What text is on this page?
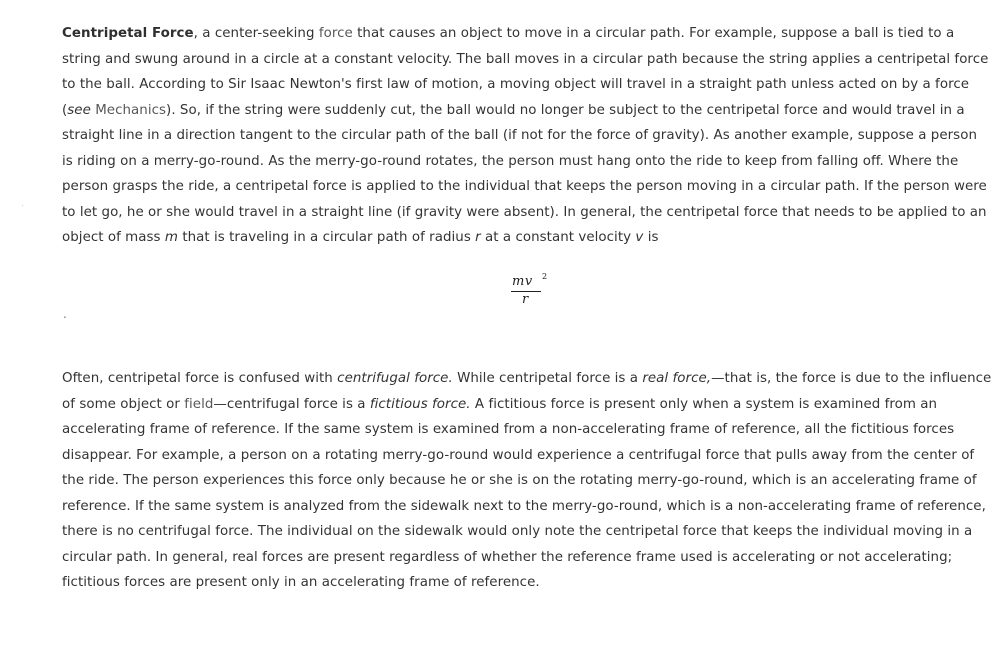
Centripetal Force, a center-seeking force that causes an object to move in a circular path. For example, suppose a ball is tied to a string and swung around in a circle at a constant velocity. The ball moves in a circular path because the string applies a centripetal force to the ball. According to Sir Isaac Newton's first law of motion, a moving object will travel in a straight path unless acted on by a force (see Mechanics). So, if the string were suddenly cut, the ball would no longer be subject to the centripetal force and would travel in a straight line in a direction tangent to the circular path of the ball (if not for the force of gravity). As another example, suppose a person is riding on a merry-go-round. As the merry-go-round rotates, the person must hang onto the ride to keep from falling off. Where the person grasps the ride, a centripetal force is applied to the individual that keeps the person moving in a circular path. If the person were to let go, he or she would travel in a straight line (if gravity were absent). In general, the centripetal force that needs to be applied to an object of mass m that is traveling in a circular path of radius r at a constant velocity v is

mv 2
r
.

Often, centripetal force is confused with centrifugal force. While centripetal force is a real force,—that is, the force is due to the influence of some object or field—centrifugal force is a fictitious force. A fictitious force is present only when a system is examined from an accelerating frame of reference. If the same system is examined from a non-accelerating frame of reference, all the fictitious forces disappear. For example, a person on a rotating merry-go-round would experience a centrifugal force that pulls away from the center of the ride. The person experiences this force only because he or she is on the rotating merry-go-round, which is an accelerating frame of reference. If the same system is analyzed from the sidewalk next to the merry-go-round, which is a non-accelerating frame of reference, there is no centrifugal force. The individual on the sidewalk would only note the centripetal force that keeps the individual moving in a circular path. In general, real forces are present regardless of whether the reference frame used is accelerating or not accelerating; fictitious forces are present only in an accelerating frame of reference.
